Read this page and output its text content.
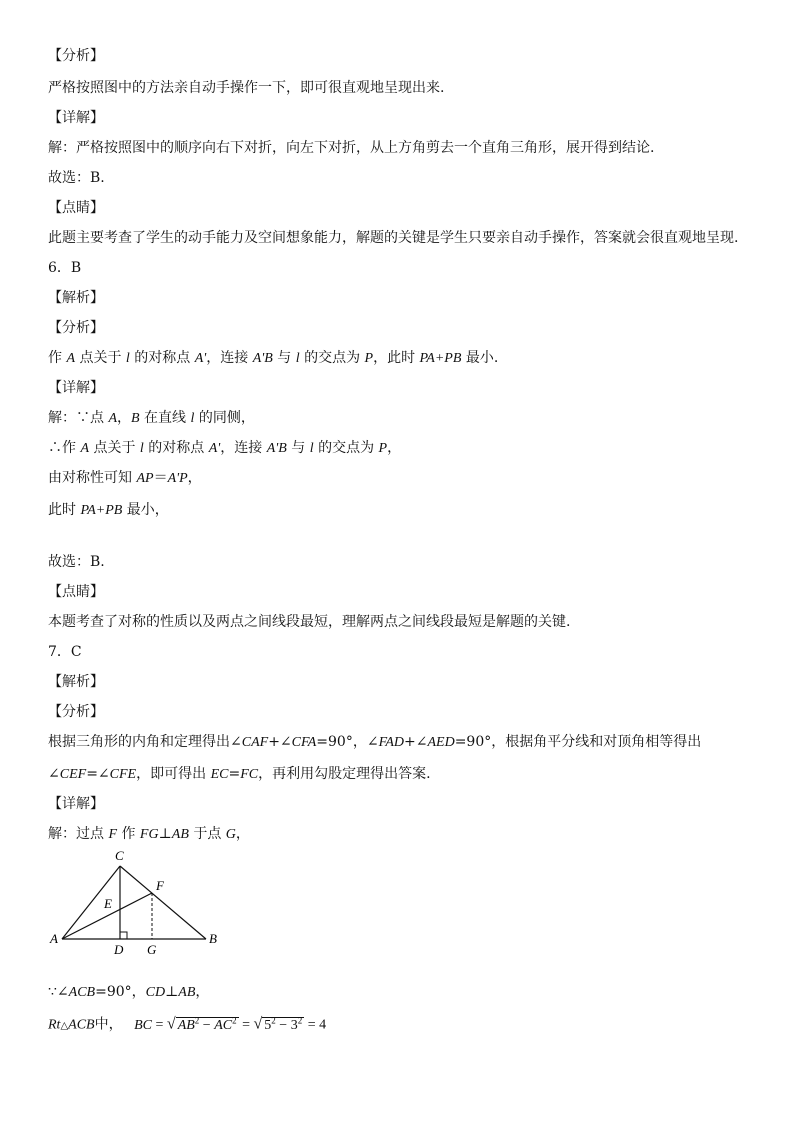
【分析】
严格按照图中的方法亲自动手操作一下，即可很直观地呈现出来.
【详解】
解：严格按照图中的顺序向右下对折，向左下对折，从上方角剪去一个直角三角形，展开得到结论.
故选：B.
【点睛】
此题主要考查了学生的动手能力及空间想象能力，解题的关键是学生只要亲自动手操作，答案就会很直观地呈现.
6．B
【解析】
【分析】
作 A 点关于 l 的对称点 A'，连接 A'B 与 l 的交点为 P，此时 PA+PB 最小.
【详解】
解：∵点 A，B 在直线 l 的同侧，
∴作 A 点关于 l 的对称点 A'，连接 A'B 与 l 的交点为 P，
由对称性可知 AP＝A'P，
此时 PA+PB 最小，
故选：B.
【点睛】
本题考查了对称的性质以及两点之间线段最短，理解两点之间线段最短是解题的关键.
7．C
【解析】
【分析】
根据三角形的内角和定理得出∠CAF+∠CFA=90°，∠FAD+∠AED=90°，根据角平分线和对顶角相等得出
∠CEF=∠CFE，即可得出 EC=FC，再利用勾股定理得出答案.
【详解】
解：过点 F 作 FG⊥AB 于点 G，
∵∠ACB=90°，CD⊥AB，
C
F
E
A
D G
B
Rt△ACB中， BC = √ $AB^2 - AC^2$ = √ $5^2 - 3^2 = 4$
